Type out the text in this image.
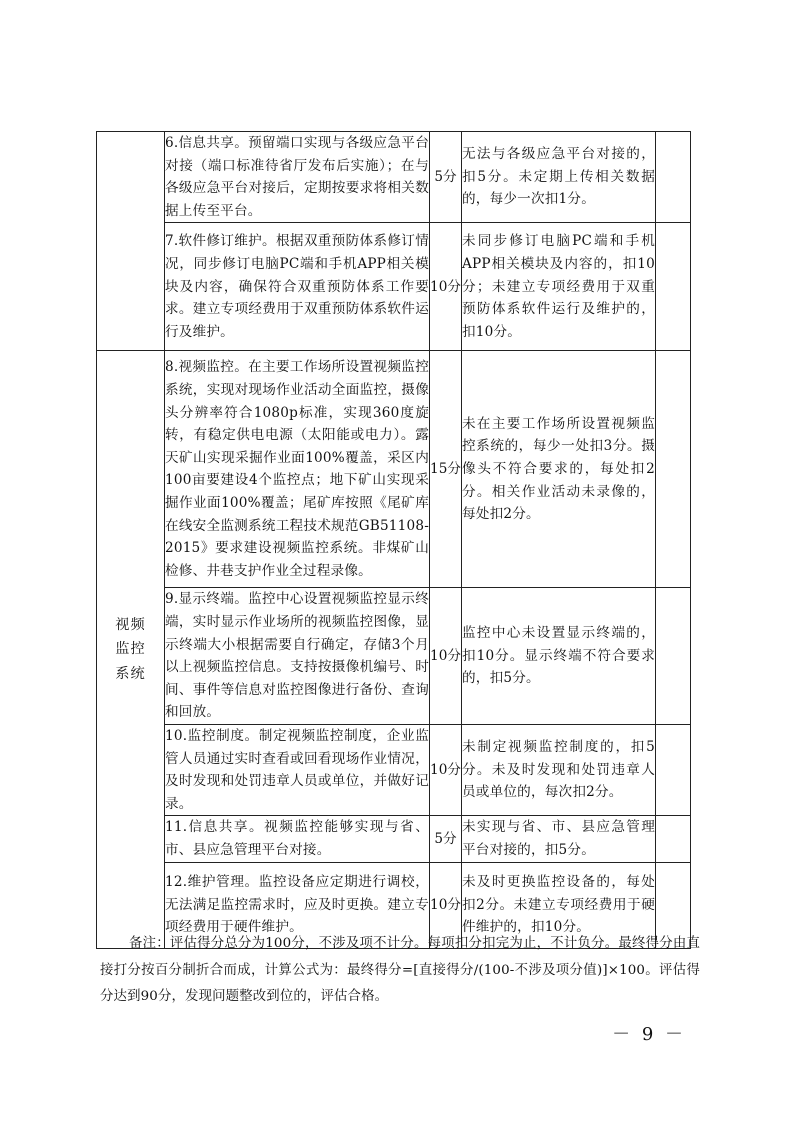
	6.信息共享。预留端口实现与各级应急平台对接（端口标准待省厅发布后实施）；在与各级应急平台对接后，定期按要求将相关数据上传至平台。	5分	无法与各级应急平台对接的，扣5分。未定期上传相关数据的，每少一次扣1分。	
	7.软件修订维护。根据双重预防体系修订情况，同步修订电脑PC端和手机APP相关模块及内容，确保符合双重预防体系工作要求。建立专项经费用于双重预防体系软件运行及维护。	10分	未同步修订电脑PC端和手机APP相关模块及内容的，扣10分；未建立专项经费用于双重预防体系软件运行及维护的，扣10分。	

视频监控系统	8.视频监控。在主要工作场所设置视频监控系统，实现对现场作业活动全面监控，摄像头分辨率符合1080p标准，实现360度旋转，有稳定供电电源（太阳能或电力）。露天矿山实现采掘作业面100%覆盖，采区内100亩要建设4个监控点；地下矿山实现采掘作业面100%覆盖；尾矿库按照《尾矿库在线安全监测系统工程技术规范GB51108-2015》要求建设视频监控系统。非煤矿山检修、井巷支护作业全过程录像。	15分	未在主要工作场所设置视频监控系统的，每少一处扣3分。摄像头不符合要求的，每处扣2分。相关作业活动未录像的，每处扣2分。	
	9.显示终端。监控中心设置视频监控显示终端，实时显示作业场所的视频监控图像，显示终端大小根据需要自行确定，存储3个月以上视频监控信息。支持按摄像机编号、时间、事件等信息对监控图像进行备份、查询和回放。	10分	监控中心未设置显示终端的，扣10分。显示终端不符合要求的，扣5分。	
	10.监控制度。制定视频监控制度，企业监管人员通过实时查看或回看现场作业情况，及时发现和处罚违章人员或单位，并做好记录。	10分	未制定视频监控制度的，扣5分。未及时发现和处罚违章人员或单位的，每次扣2分。	
	11.信息共享。视频监控能够实现与省、市、县应急管理平台对接。	5分	未实现与省、市、县应急管理平台对接的，扣5分。	
	12.维护管理。监控设备应定期进行调校，无法满足监控需求时，应及时更换。建立专项经费用于硬件维护。	10分	未及时更换监控设备的，每处扣2分。未建立专项经费用于硬件维护的，扣10分。	
备注：评估得分总分为100分，不涉及项不计分。每项扣分扣完为止，不计负分。最终得分由直接打分按百分制折合而成，计算公式为：最终得分=[直接得分/(100-不涉及项分值)]×100。评估得分达到90分，发现问题整改到位的，评估合格。
－ 9 －
